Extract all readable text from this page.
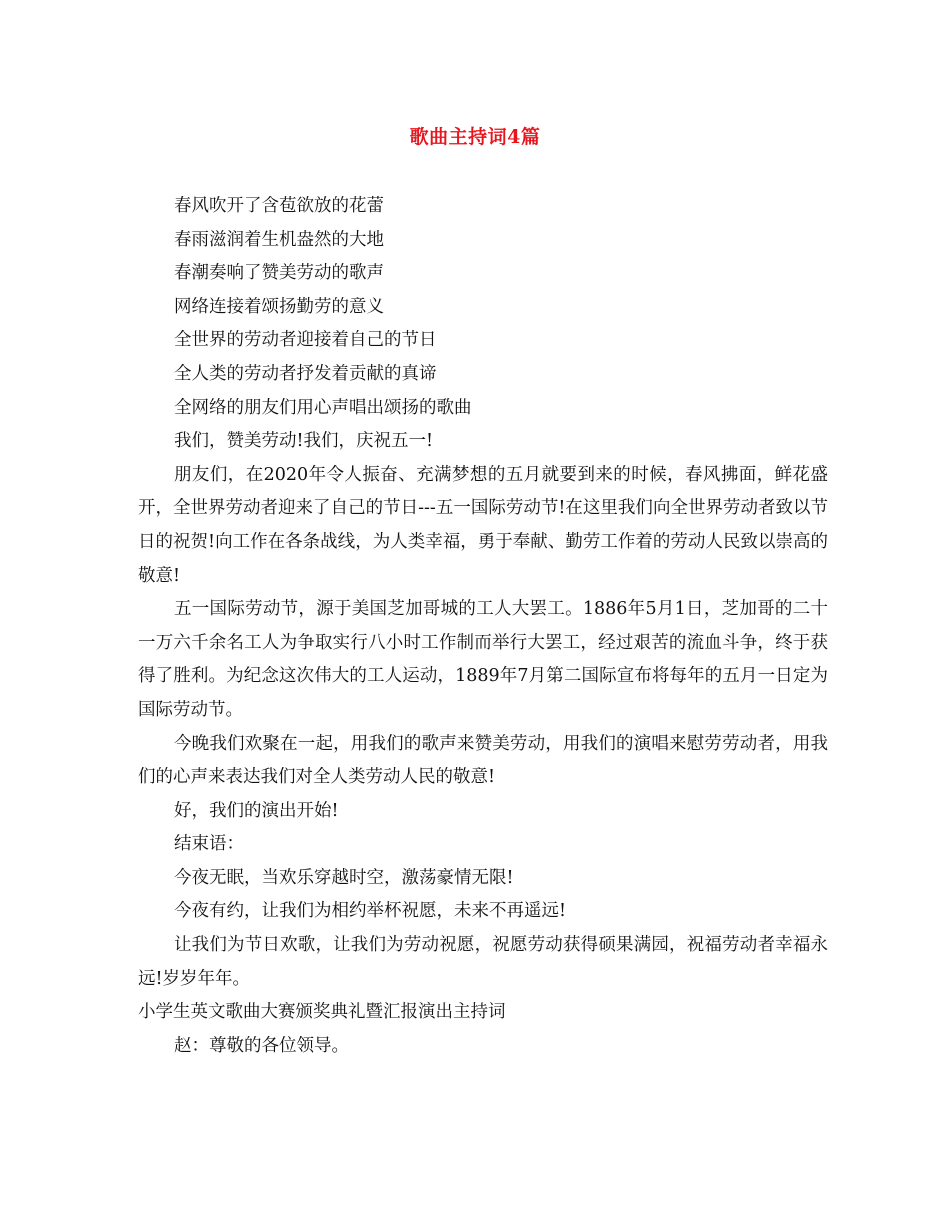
歌曲主持词4篇

春风吹开了含苞欲放的花蕾

春雨滋润着生机盎然的大地

春潮奏响了赞美劳动的歌声

网络连接着颂扬勤劳的意义

全世界的劳动者迎接着自己的节日

全人类的劳动者抒发着贡献的真谛

全网络的朋友们用心声唱出颂扬的歌曲

我们，赞美劳动!我们，庆祝五一!

朋友们，在2020年令人振奋、充满梦想的五月就要到来的时候，春风拂面，鲜花盛开，全世界劳动者迎来了自己的节日---五一国际劳动节!在这里我们向全世界劳动者致以节日的祝贺!向工作在各条战线，为人类幸福，勇于奉献、勤劳工作着的劳动人民致以崇高的敬意!

五一国际劳动节，源于美国芝加哥城的工人大罢工。1886年5月1日，芝加哥的二十一万六千余名工人为争取实行八小时工作制而举行大罢工，经过艰苦的流血斗争，终于获得了胜利。为纪念这次伟大的工人运动，1889年7月第二国际宣布将每年的五月一日定为国际劳动节。

今晚我们欢聚在一起，用我们的歌声来赞美劳动，用我们的演唱来慰劳劳动者，用我们的心声来表达我们对全人类劳动人民的敬意!

好，我们的演出开始!

结束语：

今夜无眠，当欢乐穿越时空，激荡豪情无限!

今夜有约，让我们为相约举杯祝愿，未来不再遥远!

让我们为节日欢歌，让我们为劳动祝愿，祝愿劳动获得硕果满园，祝福劳动者幸福永远!岁岁年年。

小学生英文歌曲大赛颁奖典礼暨汇报演出主持词

赵：尊敬的各位领导。
